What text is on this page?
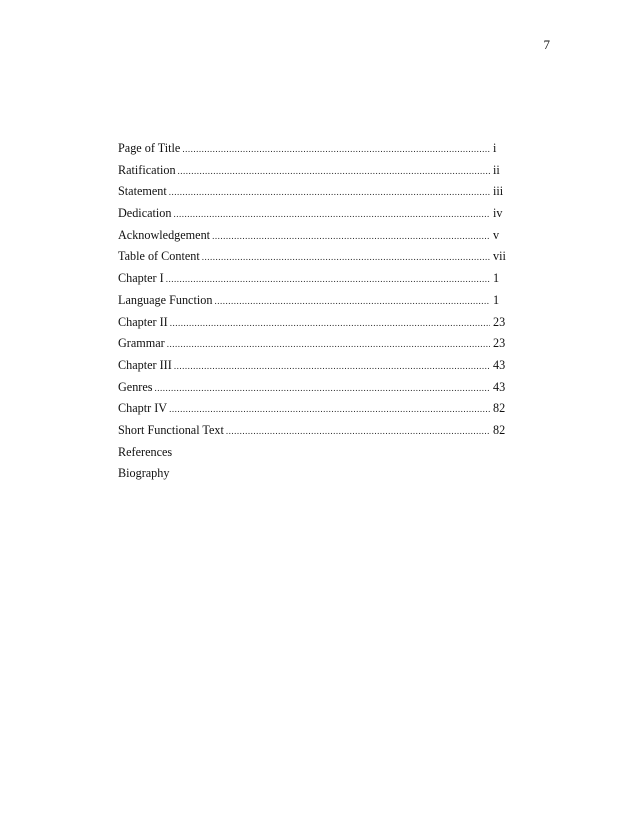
7
Page of Title .....	i
Ratification .....	ii
Statement .....	iii
Dedication .....	iv
Acknowledgement .....	v
Table of Content .....	vii
Chapter I .....	1
Language Function .....	1
Chapter II .....	23
Grammar .....	23
Chapter III .....	43
Genres .....	43
Chaptr IV .....	82
Short Functional Text .....	82
References
Biography
